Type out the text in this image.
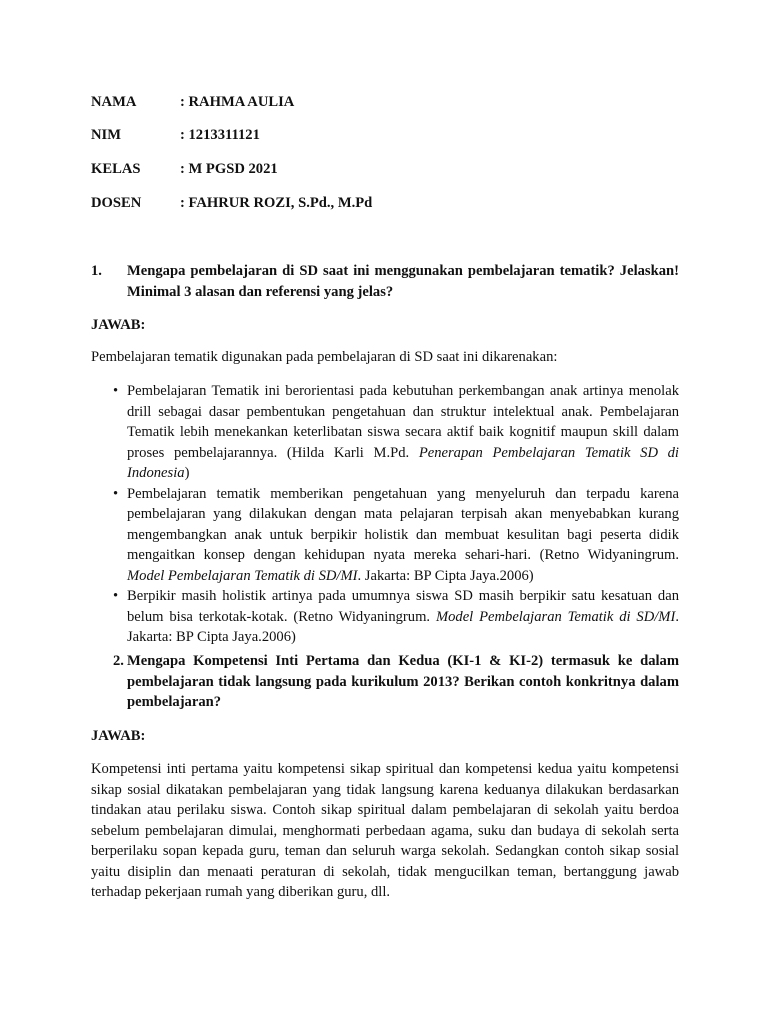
NAMA	: RAHMA AULIA
NIM	: 1213311121
KELAS	: M PGSD 2021
DOSEN	: FAHRUR ROZI, S.Pd., M.Pd
1. Mengapa pembelajaran di SD saat ini menggunakan pembelajaran tematik? Jelaskan! Minimal 3 alasan dan referensi yang jelas?
JAWAB:
Pembelajaran tematik digunakan pada pembelajaran di SD saat ini dikarenakan:
• Pembelajaran Tematik ini berorientasi pada kebutuhan perkembangan anak artinya menolak drill sebagai dasar pembentukan pengetahuan dan struktur intelektual anak. Pembelajaran Tematik lebih menekankan keterlibatan siswa secara aktif baik kognitif maupun skill dalam proses pembelajarannya. (Hilda Karli M.Pd. Penerapan Pembelajaran Tematik SD di Indonesia)
• Pembelajaran tematik memberikan pengetahuan yang menyeluruh dan terpadu karena pembelajaran yang dilakukan dengan mata pelajaran terpisah akan menyebabkan kurang mengembangkan anak untuk berpikir holistik dan membuat kesulitan bagi peserta didik mengaitkan konsep dengan kehidupan nyata mereka sehari-hari. (Retno Widyaningrum. Model Pembelajaran Tematik di SD/MI. Jakarta: BP Cipta Jaya.2006)
• Berpikir masih holistik artinya pada umumnya siswa SD masih berpikir satu kesatuan dan belum bisa terkotak-kotak. (Retno Widyaningrum. Model Pembelajaran Tematik di SD/MI. Jakarta: BP Cipta Jaya.2006)
2. Mengapa Kompetensi Inti Pertama dan Kedua (KI-1 & KI-2) termasuk ke dalam pembelajaran tidak langsung pada kurikulum 2013? Berikan contoh konkritnya dalam pembelajaran?
JAWAB:
Kompetensi inti pertama yaitu kompetensi sikap spiritual dan kompetensi kedua yaitu kompetensi sikap sosial dikatakan pembelajaran yang tidak langsung karena keduanya dilakukan berdasarkan tindakan atau perilaku siswa. Contoh sikap spiritual dalam pembelajaran di sekolah yaitu berdoa sebelum pembelajaran dimulai, menghormati perbedaan agama, suku dan budaya di sekolah serta berperilaku sopan kepada guru, teman dan seluruh warga sekolah. Sedangkan contoh sikap sosial yaitu disiplin dan menaati peraturan di sekolah, tidak mengucilkan teman, bertanggung jawab terhadap pekerjaan rumah yang diberikan guru, dll.
